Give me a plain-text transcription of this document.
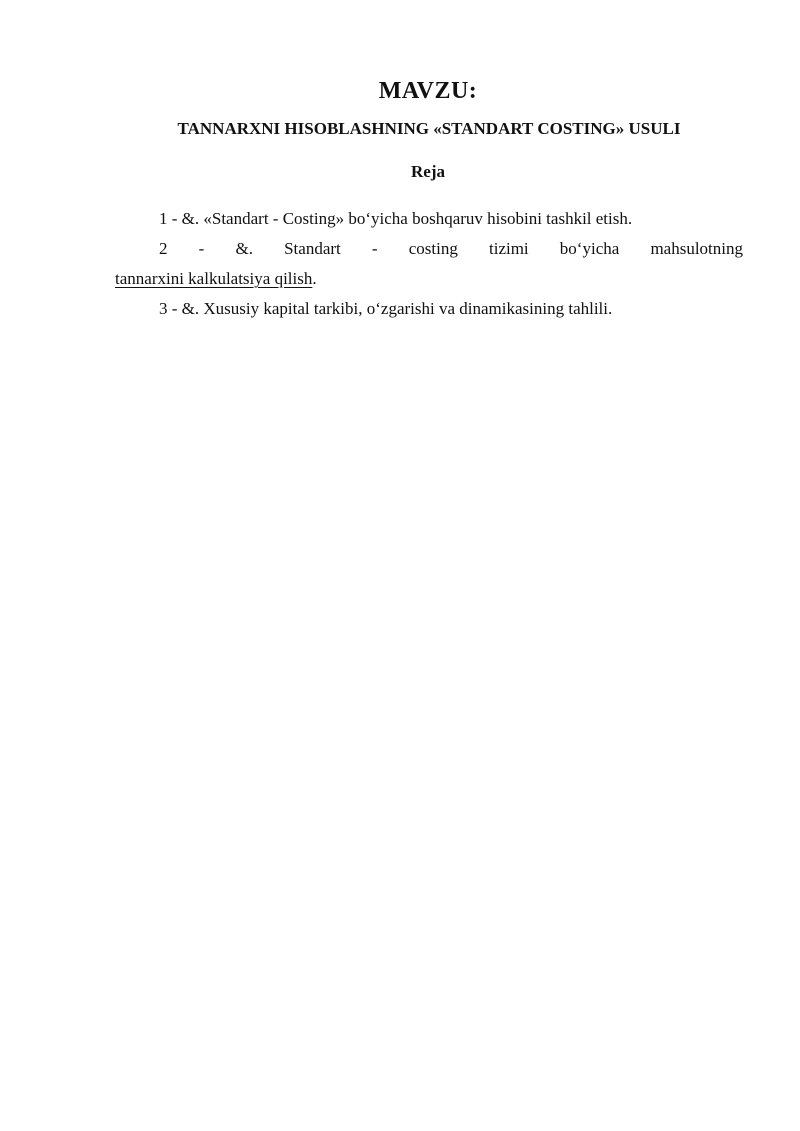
MAVZU:
TANNARXNI HISOBLASHNING «STANDART COSTING» USULI
Reja
1 - &. «Standart - Costing» bo‘yicha boshqaruv hisobini tashkil etish.
2 - &. Standart - costing tizimi bo‘yicha mahsulotning tannarxini kalkulatsiya qilish.
3 - &. Xususiy kapital tarkibi, o‘zgarishi va dinamikasining tahlili.
